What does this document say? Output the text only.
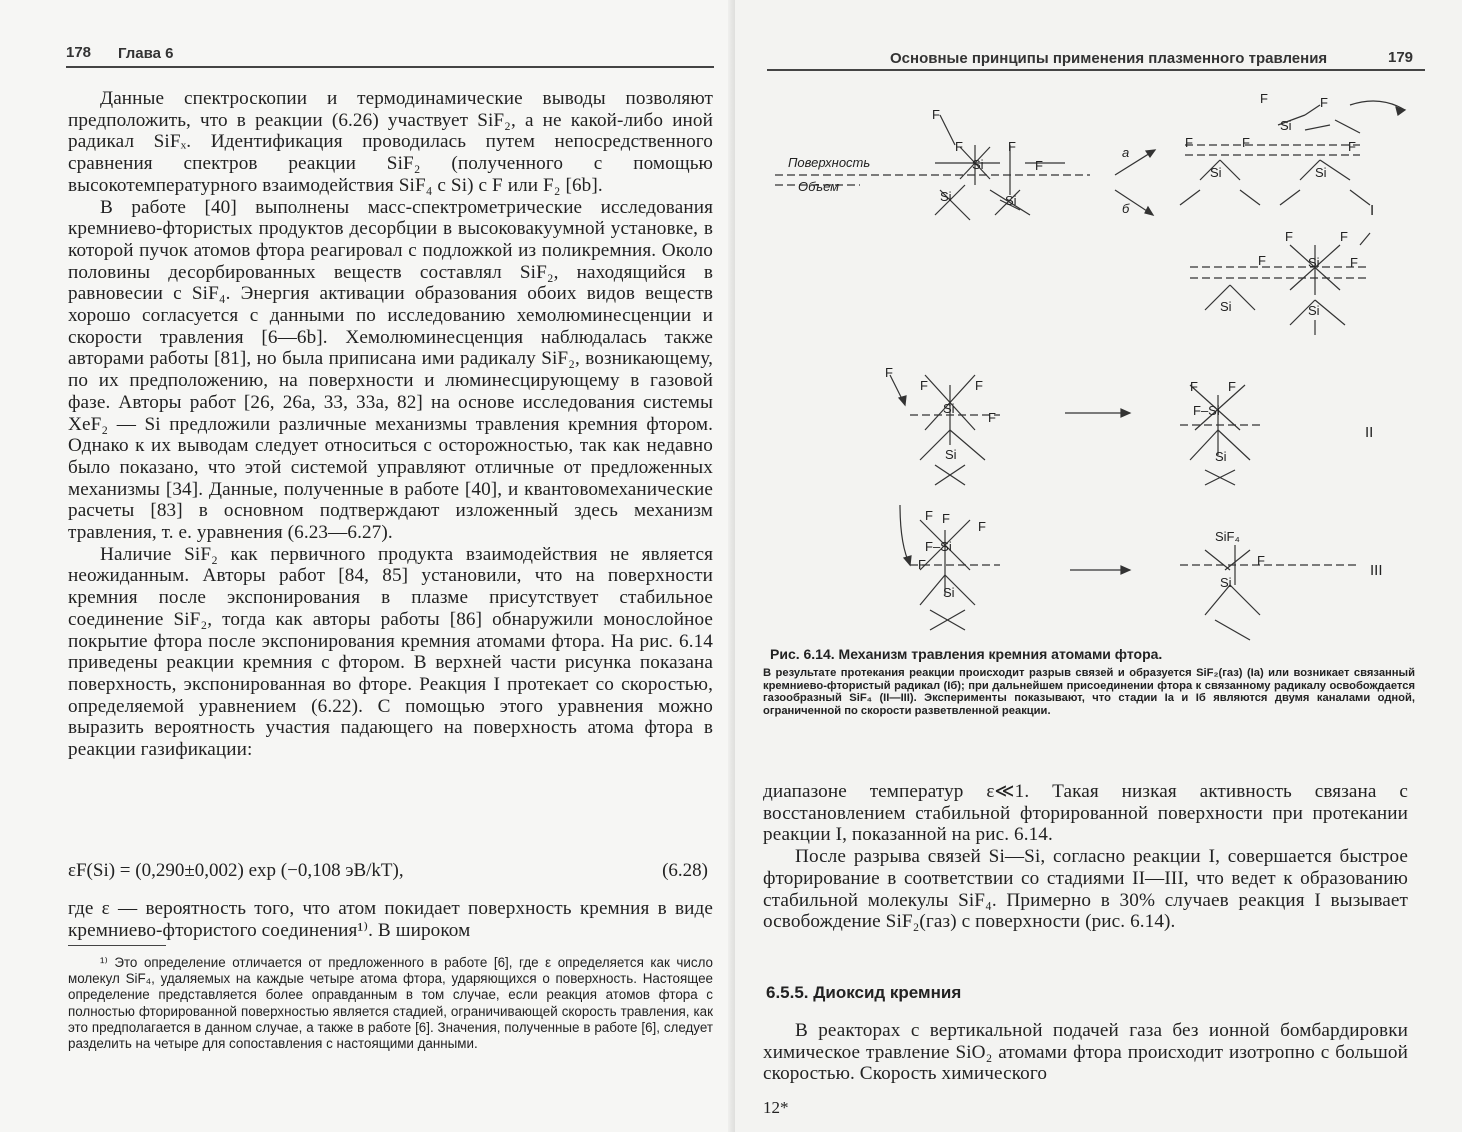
178 Глава 6

Данные спектроскопии и термодинамические выводы позволяют предположить, что в реакции (6.26) участвует SiF₂, а не какой-либо иной радикал SiFₓ. Идентификация проводилась путем непосредственного сравнения спектров реакции SiF₂ (полученного с помощью высокотемпературного взаимодействия SiF₄ с Si) с F или F₂ [6b].

В работе [40] выполнены масс-спектрометрические исследования кремниево-фтористых продуктов десорбции в высоковакуумной установке, в которой пучок атомов фтора реагировал с подложкой из поликремния. Около половины десорбированных веществ составлял SiF₂, находящийся в равновесии с SiF₄. Энергия активации образования обоих видов веществ хорошо согласуется с данными по исследованию хемолюминесценции и скорости травления [6—6b]. Хемолюминесценция наблюдалась также авторами работы [81], но была приписана ими радикалу SiF₂, возникающему, по их предположению, на поверхности и люминесцирующему в газовой фазе. Авторы работ [26, 26a, 33, 33a, 82] на основе исследования системы XeF₂ — Si предложили различные механизмы травления кремния фтором. Однако к их выводам следует относиться с осторожностью, так как недавно было показано, что этой системой управляют отличные от предложенных механизмы [34]. Данные, полученные в работе [40], и квантовомеханические расчеты [83] в основном подтверждают изложенный здесь механизм травления, т. е. уравнения (6.23—6.27).

Наличие SiF₂ как первичного продукта взаимодействия не является неожиданным. Авторы работ [84, 85] установили, что на поверхности кремния после экспонирования в плазме присутствует стабильное соединение SiF₂, тогда как авторы работы [86] обнаружили монослойное покрытие фтора после экспонирования кремния атомами фтора. На рис. 6.14 приведены реакции кремния с фтором. В верхней части рисунка показана поверхность, экспонированная во фторе. Реакция I протекает со скоростью, определяемой уравнением (6.22). С помощью этого уравнения можно выразить вероятность участия падающего на поверхность атома фтора в реакции газификации:

εF(Si) = (0,290±0,002) exp (−0,108 эВ/kT),	(6.28)

где ε — вероятность того, что атом покидает поверхность кремния в виде кремниево-фтористого соединения¹⁾. В широком

¹⁾ Это определение отличается от предложенного в работе [6], где ε определяется как число молекул SiF₄, удаляемых на каждые четыре атома фтора, ударяющихся о поверхность. Настоящее определение представляется более оправданным в том случае, если реакция атомов фтора с полностью фторированной поверхностью является стадией, ограничивающей скорость травления, как это предполагается в данном случае, а также в работе [6]. Значения, полученные в работе [6], следует разделить на четыре для сопоставления с настоящими данными.

Основные принципы применения плазменного травления	179
Поверхность
Объем
F
F	F
Si	F
Si	Si
а
б
F	F
Si
F	F	F
Si	Si
I
F	F
F	Si F
Si	Si
F
F	F
Si
F
Si
F F
F–Si
Si
II
F F
F
F–Si
F
Si
SiF₄
F
Si
III
Рис. 6.14. Механизм травления кремния атомами фтора.
В результате протекания реакции происходит разрыв связей и образуется SiF₂(газ) (Iа) или возникает связанный кремниево-фтористый радикал (Iб); при дальнейшем присоединении фтора к связанному радикалу освобождается газообразный SiF₄ (II—III). Эксперименты показывают, что стадии Iа и Iб являются двумя каналами одной, ограниченной по скорости разветвленной реакции.

диапазоне температур ε≪1. Такая низкая активность связана с восстановлением стабильной фторированной поверхности при протекании реакции I, показанной на рис. 6.14.

После разрыва связей Si—Si, согласно реакции I, совершается быстрое фторирование в соответствии со стадиями II—III, что ведет к образованию стабильной молекулы SiF₄. Примерно в 30% случаев реакция I вызывает освобождение SiF₂(газ) с поверхности (рис. 6.14).

6.5.5. Диоксид кремния

В реакторах с вертикальной подачей газа без ионной бомбардировки химическое травление SiO₂ атомами фтора происходит изотропно с большой скоростью. Скорость химического

12*
